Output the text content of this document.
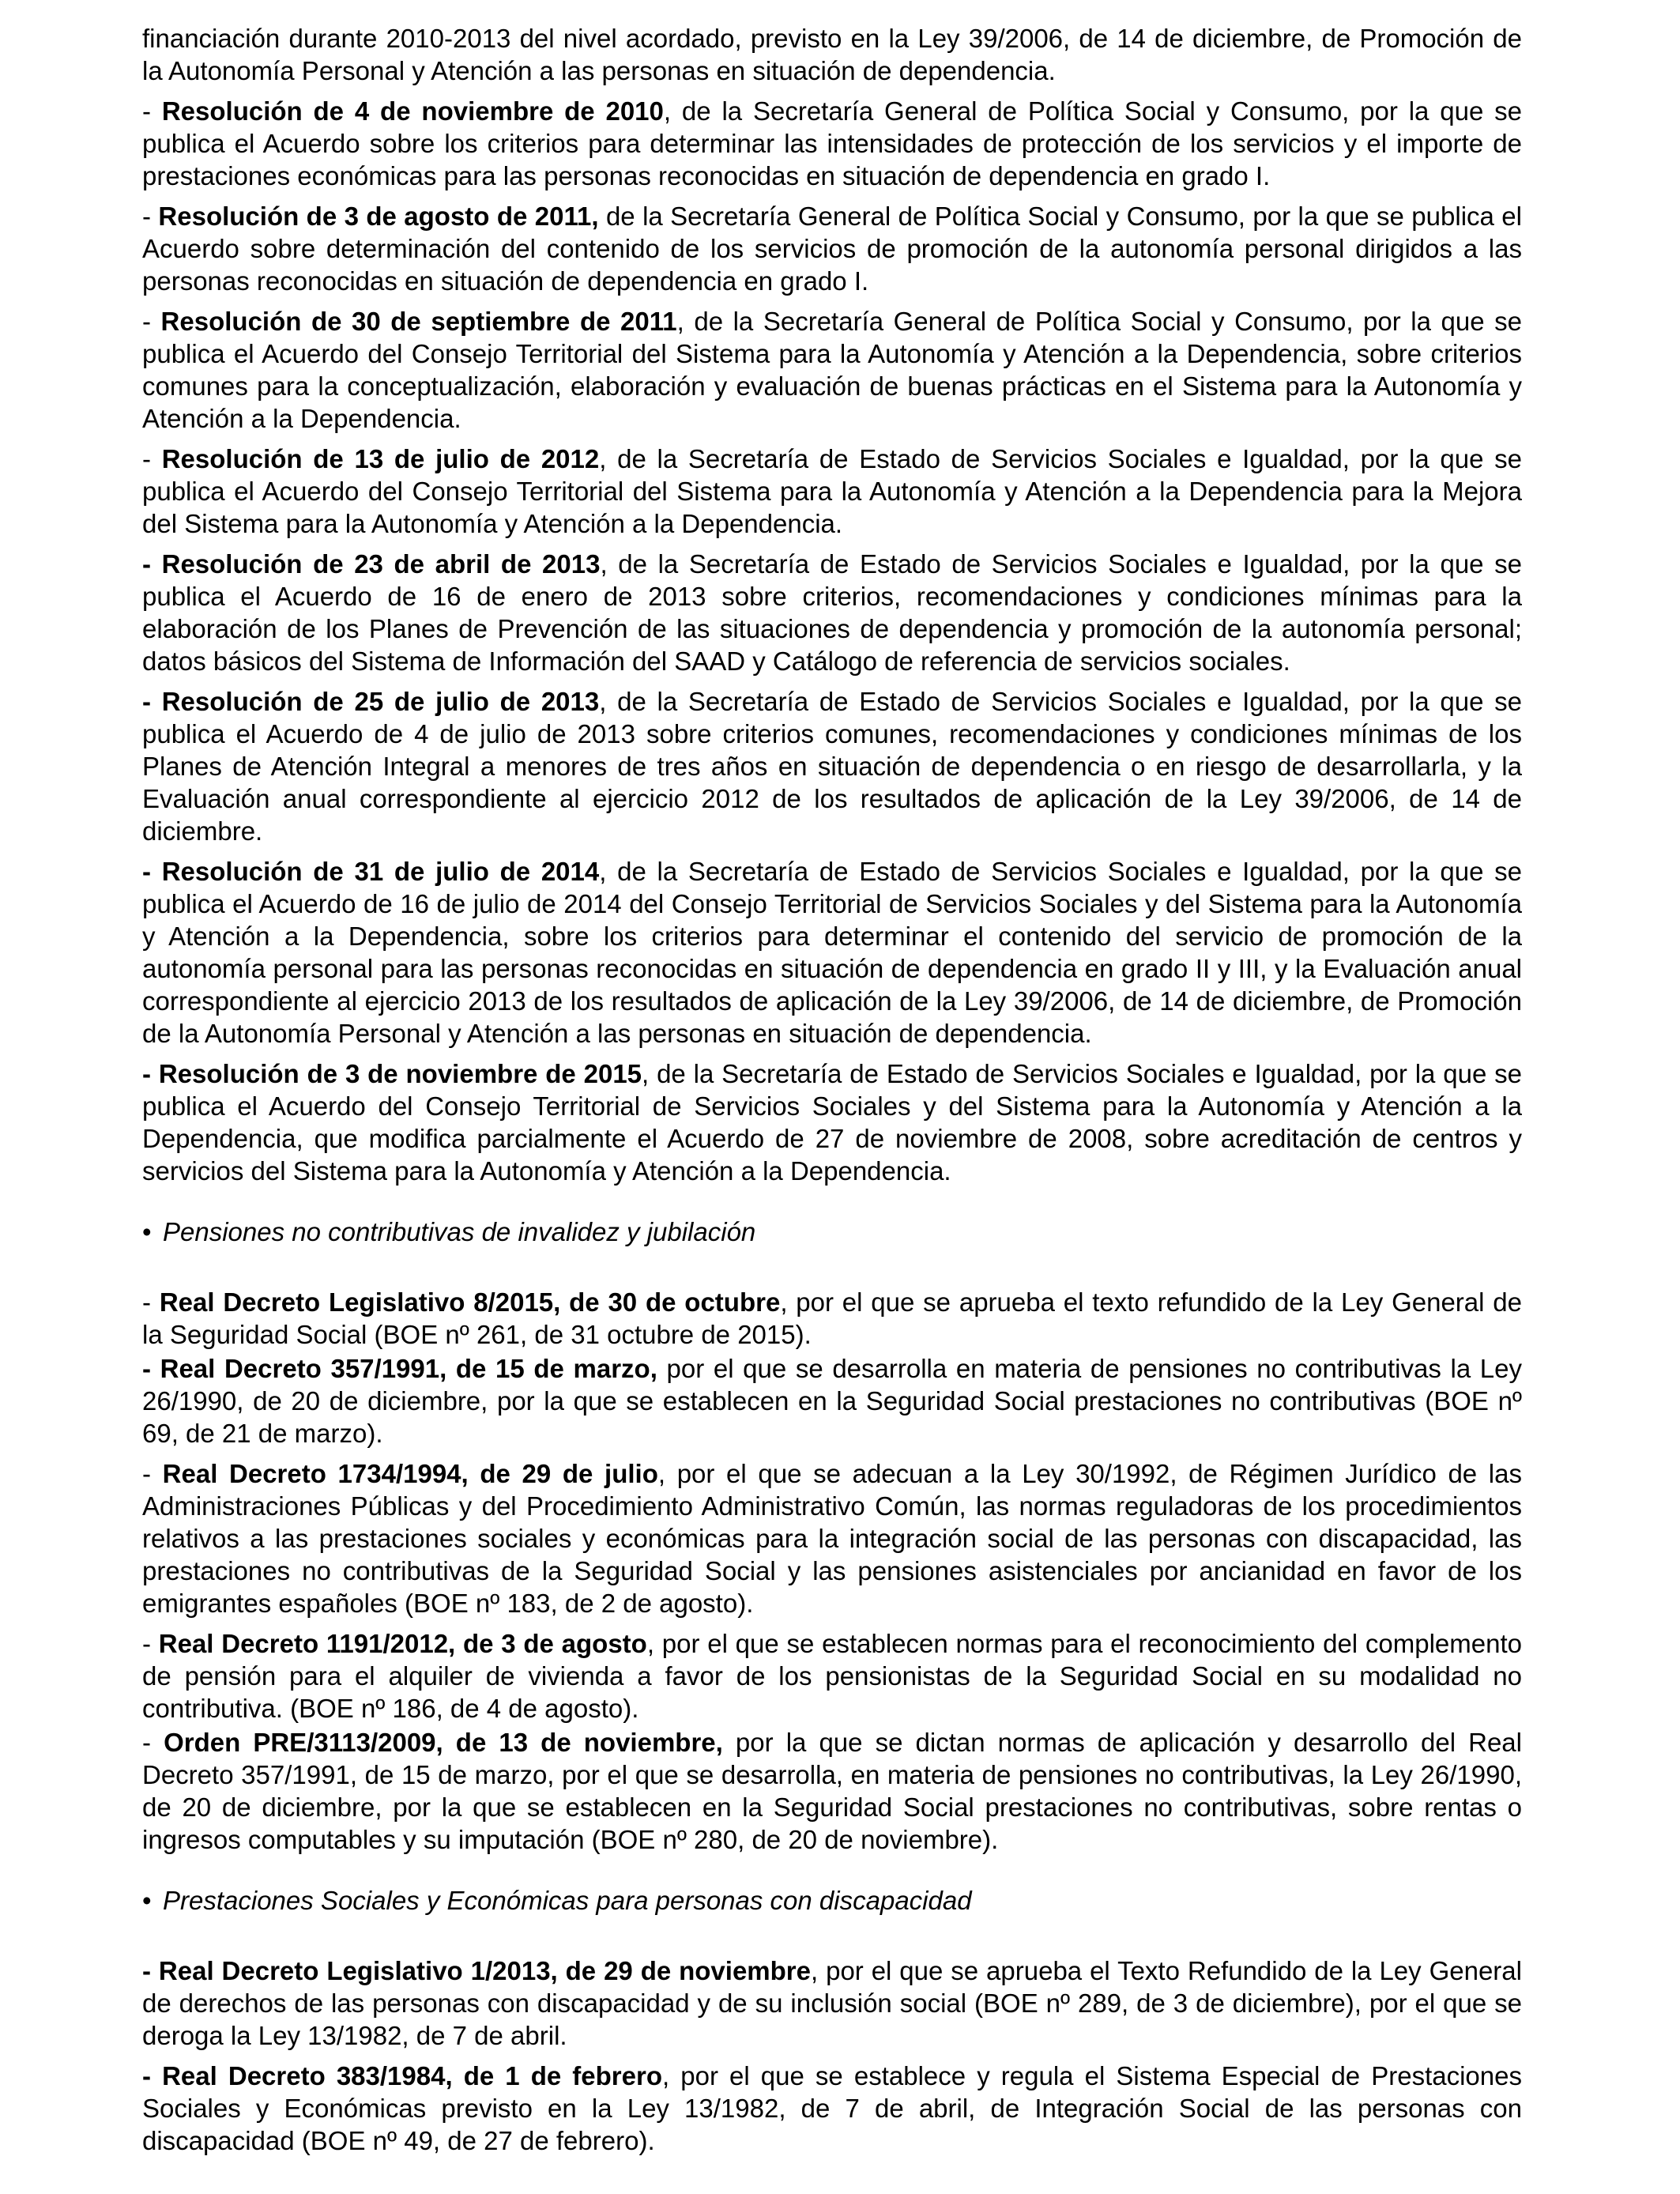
financiación durante 2010-2013 del nivel acordado, previsto en la Ley 39/2006, de 14 de diciembre, de Promoción de la Autonomía Personal y Atención a las personas en situación de dependencia.

- Resolución de 4 de noviembre de 2010, de la Secretaría General de Política Social y Consumo, por la que se publica el Acuerdo sobre los criterios para determinar las intensidades de protección de los servicios y el importe de prestaciones económicas para las personas reconocidas en situación de dependencia en grado I.

- Resolución de 3 de agosto de 2011, de la Secretaría General de Política Social y Consumo, por la que se publica el Acuerdo sobre determinación del contenido de los servicios de promoción de la autonomía personal dirigidos a las personas reconocidas en situación de dependencia en grado I.

- Resolución de 30 de septiembre de 2011, de la Secretaría General de Política Social y Consumo, por la que se publica el Acuerdo del Consejo Territorial del Sistema para la Autonomía y Atención a la Dependencia, sobre criterios comunes para la conceptualización, elaboración y evaluación de buenas prácticas en el Sistema para la Autonomía y Atención a la Dependencia.

- Resolución de 13 de julio de 2012, de la Secretaría de Estado de Servicios Sociales e Igualdad, por la que se publica el Acuerdo del Consejo Territorial del Sistema para la Autonomía y Atención a la Dependencia para la Mejora del Sistema para la Autonomía y Atención a la Dependencia.

- Resolución de 23 de abril de 2013, de la Secretaría de Estado de Servicios Sociales e Igualdad, por la que se publica el Acuerdo de 16 de enero de 2013 sobre criterios, recomendaciones y condiciones mínimas para la elaboración de los Planes de Prevención de las situaciones de dependencia y promoción de la autonomía personal; datos básicos del Sistema de Información del SAAD y Catálogo de referencia de servicios sociales.

- Resolución de 25 de julio de 2013, de la Secretaría de Estado de Servicios Sociales e Igualdad, por la que se publica el Acuerdo de 4 de julio de 2013 sobre criterios comunes, recomendaciones y condiciones mínimas de los Planes de Atención Integral a menores de tres años en situación de dependencia o en riesgo de desarrollarla, y la Evaluación anual correspondiente al ejercicio 2012 de los resultados de aplicación de la Ley 39/2006, de 14 de diciembre.

- Resolución de 31 de julio de 2014, de la Secretaría de Estado de Servicios Sociales e Igualdad, por la que se publica el Acuerdo de 16 de julio de 2014 del Consejo Territorial de Servicios Sociales y del Sistema para la Autonomía y Atención a la Dependencia, sobre los criterios para determinar el contenido del servicio de promoción de la autonomía personal para las personas reconocidas en situación de dependencia en grado II y III, y la Evaluación anual correspondiente al ejercicio 2013 de los resultados de aplicación de la Ley 39/2006, de 14 de diciembre, de Promoción de la Autonomía Personal y Atención a las personas en situación de dependencia.

- Resolución de 3 de noviembre de 2015, de la Secretaría de Estado de Servicios Sociales e Igualdad, por la que se publica el Acuerdo del Consejo Territorial de Servicios Sociales y del Sistema para la Autonomía y Atención a la Dependencia, que modifica parcialmente el Acuerdo de 27 de noviembre de 2008, sobre acreditación de centros y servicios del Sistema para la Autonomía y Atención a la Dependencia.

• Pensiones no contributivas de invalidez y jubilación

- Real Decreto Legislativo 8/2015, de 30 de octubre, por el que se aprueba el texto refundido de la Ley General de la Seguridad Social (BOE nº 261, de 31 octubre de 2015).

- Real Decreto 357/1991, de 15 de marzo, por el que se desarrolla en materia de pensiones no contributivas la Ley 26/1990, de 20 de diciembre, por la que se establecen en la Seguridad Social prestaciones no contributivas (BOE nº 69, de 21 de marzo).

- Real Decreto 1734/1994, de 29 de julio, por el que se adecuan a la Ley 30/1992, de Régimen Jurídico de las Administraciones Públicas y del Procedimiento Administrativo Común, las normas reguladoras de los procedimientos relativos a las prestaciones sociales y económicas para la integración social de las personas con discapacidad, las prestaciones no contributivas de la Seguridad Social y las pensiones asistenciales por ancianidad en favor de los emigrantes españoles (BOE nº 183, de 2 de agosto).

- Real Decreto 1191/2012, de 3 de agosto, por el que se establecen normas para el reconocimiento del complemento de pensión para el alquiler de vivienda a favor de los pensionistas de la Seguridad Social en su modalidad no contributiva. (BOE nº 186, de 4 de agosto).

- Orden PRE/3113/2009, de 13 de noviembre, por la que se dictan normas de aplicación y desarrollo del Real Decreto 357/1991, de 15 de marzo, por el que se desarrolla, en materia de pensiones no contributivas, la Ley 26/1990, de 20 de diciembre, por la que se establecen en la Seguridad Social prestaciones no contributivas, sobre rentas o ingresos computables y su imputación (BOE nº 280, de 20 de noviembre).

• Prestaciones Sociales y Económicas para personas con discapacidad

- Real Decreto Legislativo 1/2013, de 29 de noviembre, por el que se aprueba el Texto Refundido de la Ley General de derechos de las personas con discapacidad y de su inclusión social (BOE nº 289, de 3 de diciembre), por el que se deroga la Ley 13/1982, de 7 de abril.

- Real Decreto 383/1984, de 1 de febrero, por el que se establece y regula el Sistema Especial de Prestaciones Sociales y Económicas previsto en la Ley 13/1982, de 7 de abril, de Integración Social de las personas con discapacidad (BOE nº 49, de 27 de febrero).
